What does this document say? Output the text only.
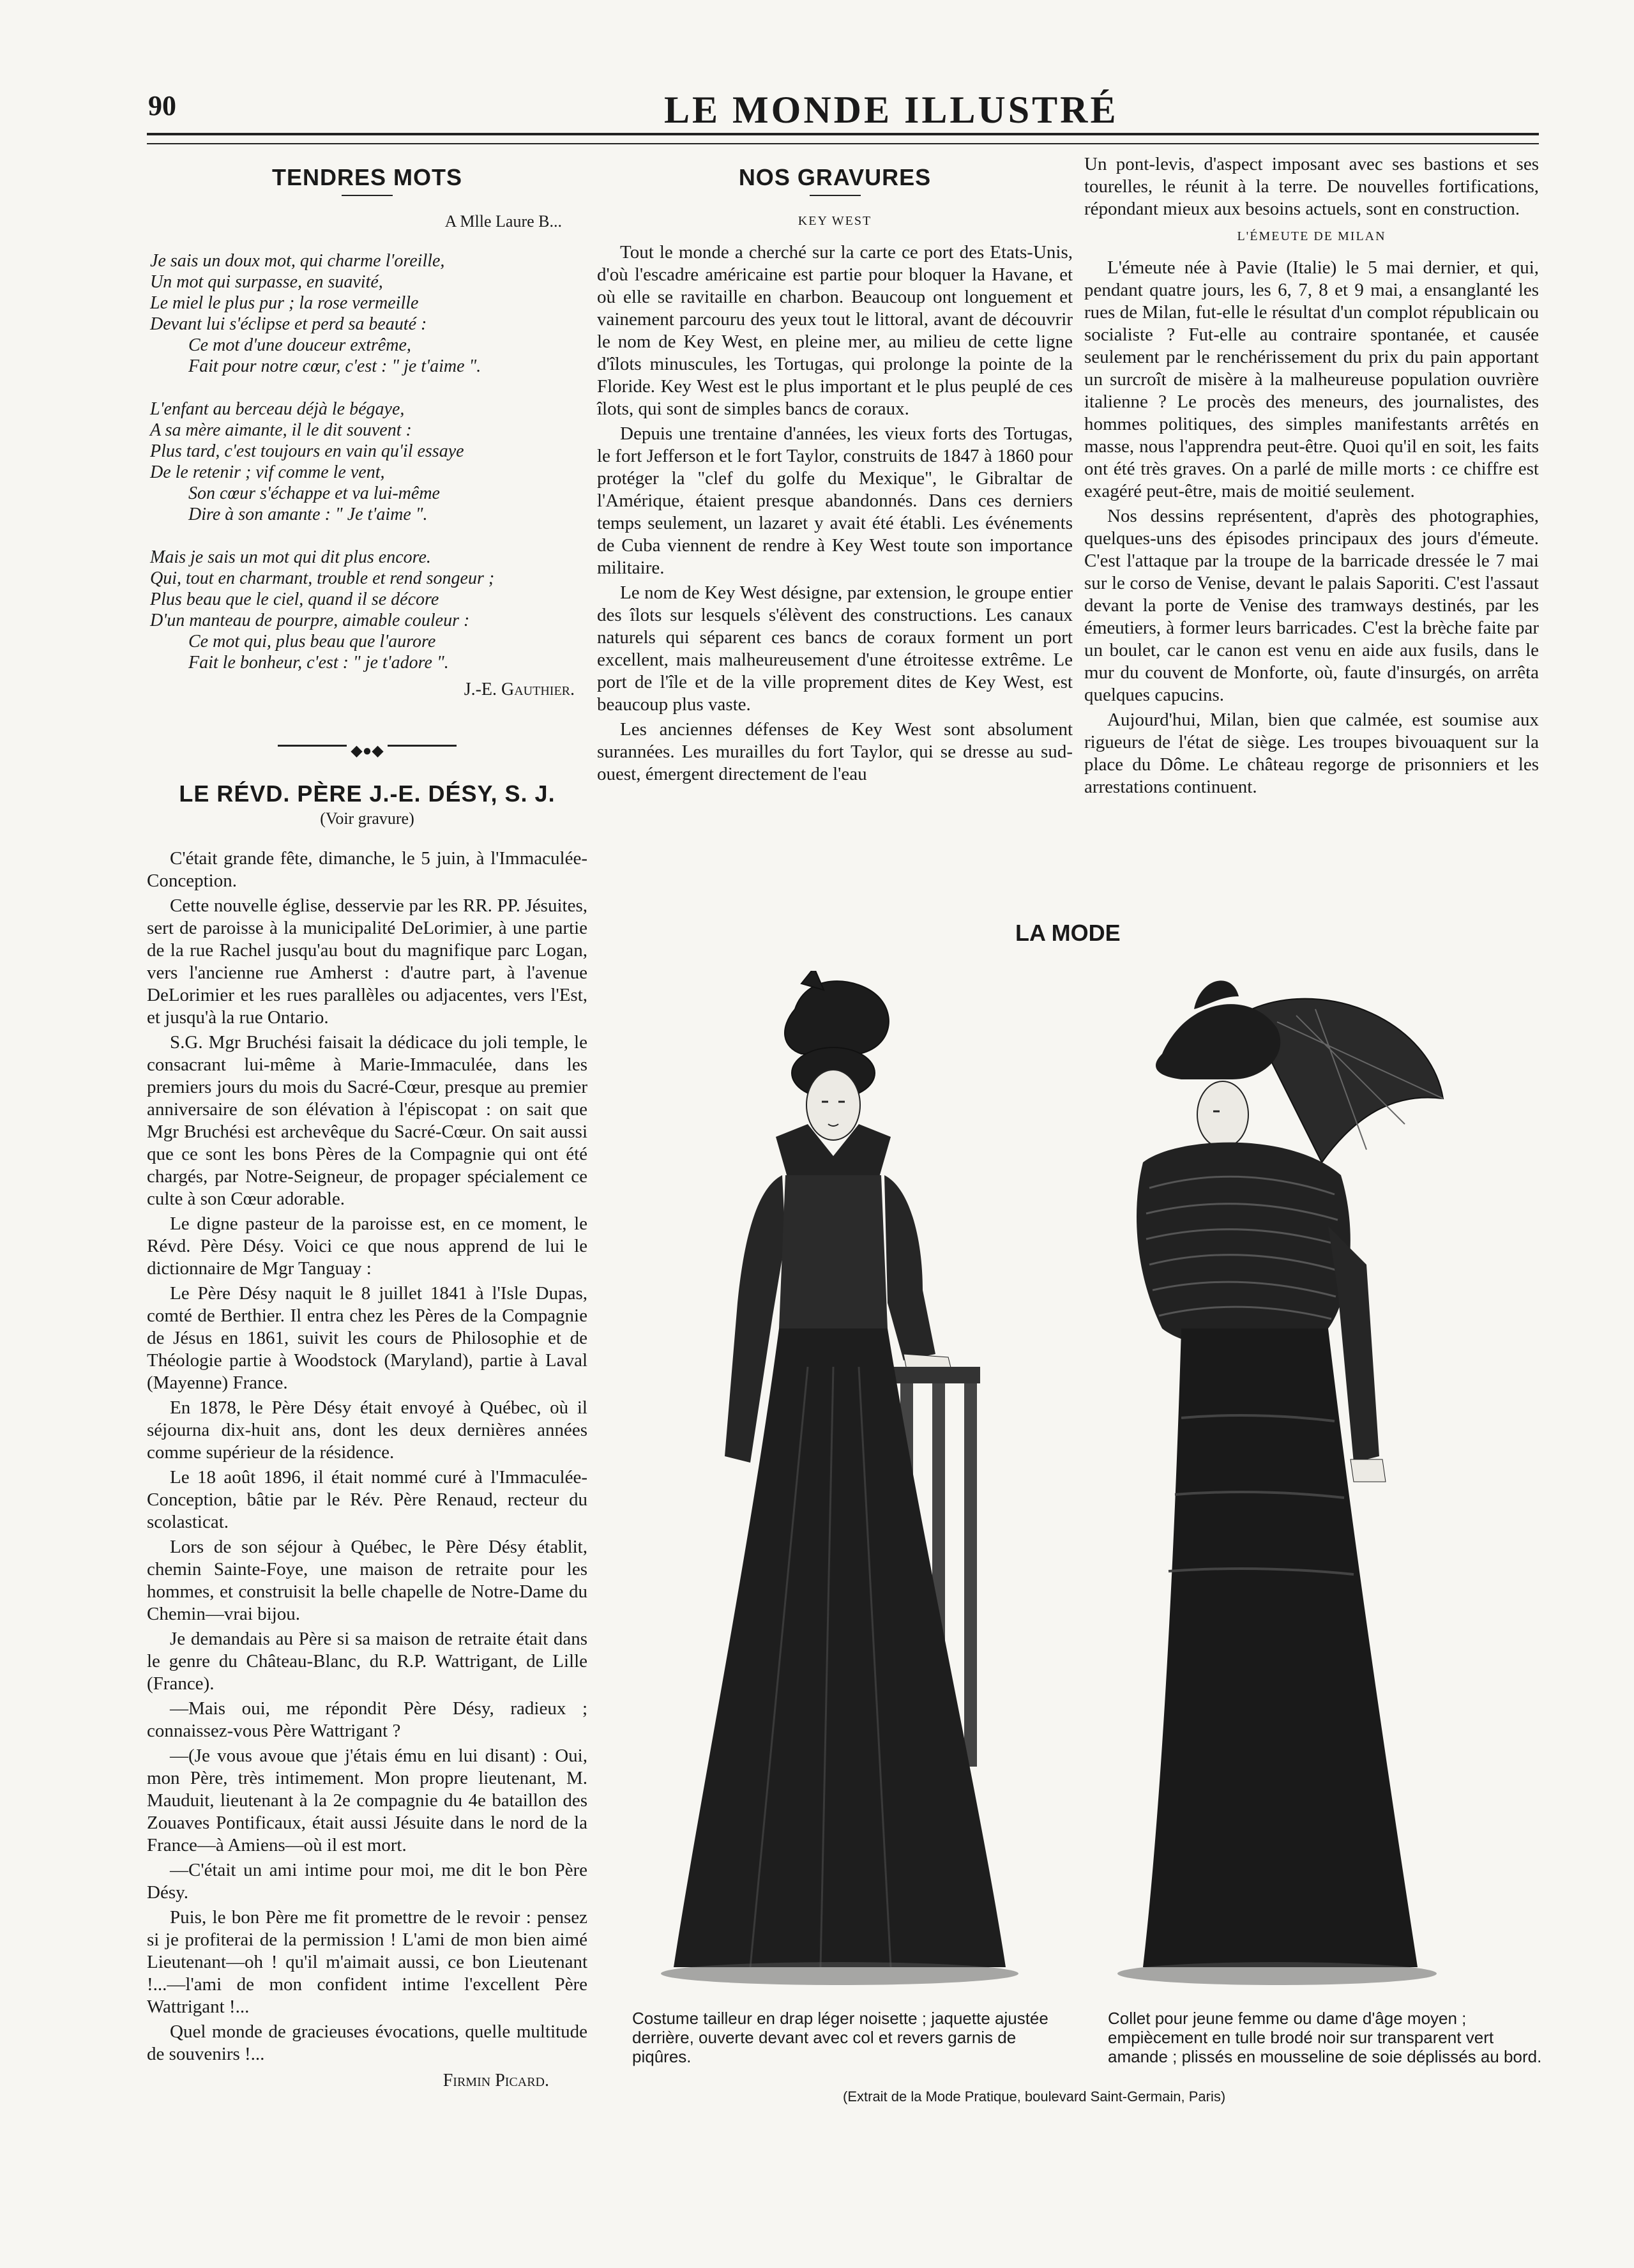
90	LE MONDE ILLUSTRÉ
TENDRES MOTS
A Mlle Laure B...
Je sais un doux mot, qui charme l'oreille,
Un mot qui surpasse, en suavité,
Le miel le plus pur ; la rose vermeille
Devant lui s'éclipse et perd sa beauté :
Ce mot d'une douceur extrême,
Fait pour notre cœur, c'est : " je t'aime ".
L'enfant au berceau déjà le bégaye,
A sa mère aimante, il le dit souvent :
Plus tard, c'est toujours en vain qu'il essaye
De le retenir ; vif comme le vent,
Son cœur s'échappe et va lui-même
Dire à son amante : " Je t'aime ".
Mais je sais un mot qui dit plus encore.
Qui, tout en charmant, trouble et rend songeur ;
Plus beau que le ciel, quand il se décore
D'un manteau de pourpre, aimable couleur :
Ce mot qui, plus beau que l'aurore
Fait le bonheur, c'est : " je t'adore ".
J.-E. Gauthier.
◆●◆
LE RÉVD. PÈRE J.-E. DÉSY, S. J.
(Voir gravure)

C'était grande fête, dimanche, le 5 juin, à l'Immaculée-Conception.

Cette nouvelle église, desservie par les RR. PP. Jésuites, sert de paroisse à la municipalité DeLorimier, à une partie de la rue Rachel jusqu'au bout du magnifique parc Logan, vers l'ancienne rue Amherst : d'autre part, à l'avenue DeLorimier et les rues parallèles ou adjacentes, vers l'Est, et jusqu'à la rue Ontario.

S.G. Mgr Bruchési faisait la dédicace du joli temple, le consacrant lui-même à Marie-Immaculée, dans les premiers jours du mois du Sacré-Cœur, presque au premier anniversaire de son élévation à l'épiscopat : on sait que Mgr Bruchési est archevêque du Sacré-Cœur. On sait aussi que ce sont les bons Pères de la Compagnie qui ont été chargés, par Notre-Seigneur, de propager spécialement ce culte à son Cœur adorable.

Le digne pasteur de la paroisse est, en ce moment, le Révd. Père Désy. Voici ce que nous apprend de lui le dictionnaire de Mgr Tanguay :

Le Père Désy naquit le 8 juillet 1841 à l'Isle Dupas, comté de Berthier. Il entra chez les Pères de la Compagnie de Jésus en 1861, suivit les cours de Philosophie et de Théologie partie à Woodstock (Maryland), partie à Laval (Mayenne) France.

En 1878, le Père Désy était envoyé à Québec, où il séjourna dix-huit ans, dont les deux dernières années comme supérieur de la résidence.

Le 18 août 1896, il était nommé curé à l'Immaculée-Conception, bâtie par le Rév. Père Renaud, recteur du scolasticat.

Lors de son séjour à Québec, le Père Désy établit, chemin Sainte-Foye, une maison de retraite pour les hommes, et construisit la belle chapelle de Notre-Dame du Chemin—vrai bijou.

Je demandais au Père si sa maison de retraite était dans le genre du Château-Blanc, du R.P. Wattrigant, de Lille (France).

—Mais oui, me répondit Père Désy, radieux ; connaissez-vous Père Wattrigant ?

—(Je vous avoue que j'étais ému en lui disant) : Oui, mon Père, très intimement. Mon propre lieutenant, M. Mauduit, lieutenant à la 2e compagnie du 4e bataillon des Zouaves Pontificaux, était aussi Jésuite dans le nord de la France—à Amiens—où il est mort.

—C'était un ami intime pour moi, me dit le bon Père Désy.

Puis, le bon Père me fit promettre de le revoir : pensez si je profiterai de la permission ! L'ami de mon bien aimé Lieutenant—oh ! qu'il m'aimait aussi, ce bon Lieutenant !...—l'ami de mon confident intime l'excellent Père Wattrigant !...

Quel monde de gracieuses évocations, quelle multitude de souvenirs !...

Firmin Picard.
NOS GRAVURES
KEY WEST

Tout le monde a cherché sur la carte ce port des Etats-Unis, d'où l'escadre américaine est partie pour bloquer la Havane, et où elle se ravitaille en charbon. Beaucoup ont longuement et vainement parcouru des yeux tout le littoral, avant de découvrir le nom de Key West, en pleine mer, au milieu de cette ligne d'îlots minuscules, les Tortugas, qui prolonge la pointe de la Floride. Key West est le plus important et le plus peuplé de ces îlots, qui sont de simples bancs de coraux.

Depuis une trentaine d'années, les vieux forts des Tortugas, le fort Jefferson et le fort Taylor, construits de 1847 à 1860 pour protéger la "clef du golfe du Mexique", le Gibraltar de l'Amérique, étaient presque abandonnés. Dans ces derniers temps seulement, un lazaret y avait été établi. Les événements de Cuba viennent de rendre à Key West toute son importance militaire.

Le nom de Key West désigne, par extension, le groupe entier des îlots sur lesquels s'élèvent des constructions. Les canaux naturels qui séparent ces bancs de coraux forment un port excellent, mais malheureusement d'une étroitesse extrême. Le port de l'île et de la ville proprement dites de Key West, est beaucoup plus vaste.

Les anciennes défenses de Key West sont absolument surannées. Les murailles du fort Taylor, qui se dresse au sud-ouest, émergent directement de l'eau

Un pont-levis, d'aspect imposant avec ses bastions et ses tourelles, le réunit à la terre. De nouvelles fortifications, répondant mieux aux besoins actuels, sont en construction.

L'ÉMEUTE DE MILAN

L'émeute née à Pavie (Italie) le 5 mai dernier, et qui, pendant quatre jours, les 6, 7, 8 et 9 mai, a ensanglanté les rues de Milan, fut-elle le résultat d'un complot républicain ou socialiste ? Fut-elle au contraire spontanée, et causée seulement par le renchérissement du prix du pain apportant un surcroît de misère à la malheureuse population ouvrière italienne ? Le procès des meneurs, des journalistes, des hommes politiques, des simples manifestants arrêtés en masse, nous l'apprendra peut-être. Quoi qu'il en soit, les faits ont été très graves. On a parlé de mille morts : ce chiffre est exagéré peut-être, mais de moitié seulement.

Nos dessins représentent, d'après des photographies, quelques-uns des épisodes principaux des jours d'émeute. C'est l'attaque par la troupe de la barricade dressée le 7 mai sur le corso de Venise, devant le palais Saporiti. C'est l'assaut devant la porte de Venise des tramways destinés, par les émeutiers, à former leurs barricades. C'est la brèche faite par un boulet, car le canon est venu en aide aux fusils, dans le mur du couvent de Monforte, où, faute d'insurgés, on arrêta quelques capucins.

Aujourd'hui, Milan, bien que calmée, est soumise aux rigueurs de l'état de siège. Les troupes bivouaquent sur la place du Dôme. Le château regorge de prisonniers et les arrestations continuent.

LA MODE
Costume tailleur en drap léger noisette ; jaquette ajustée derrière, ouverte devant avec col et revers garnis de piqûres.
Collet pour jeune femme ou dame d'âge moyen ; empiècement en tulle brodé noir sur transparent vert amande ; plissés en mousseline de soie déplissés au bord.
(Extrait de la Mode Pratique, boulevard Saint-Germain, Paris)
